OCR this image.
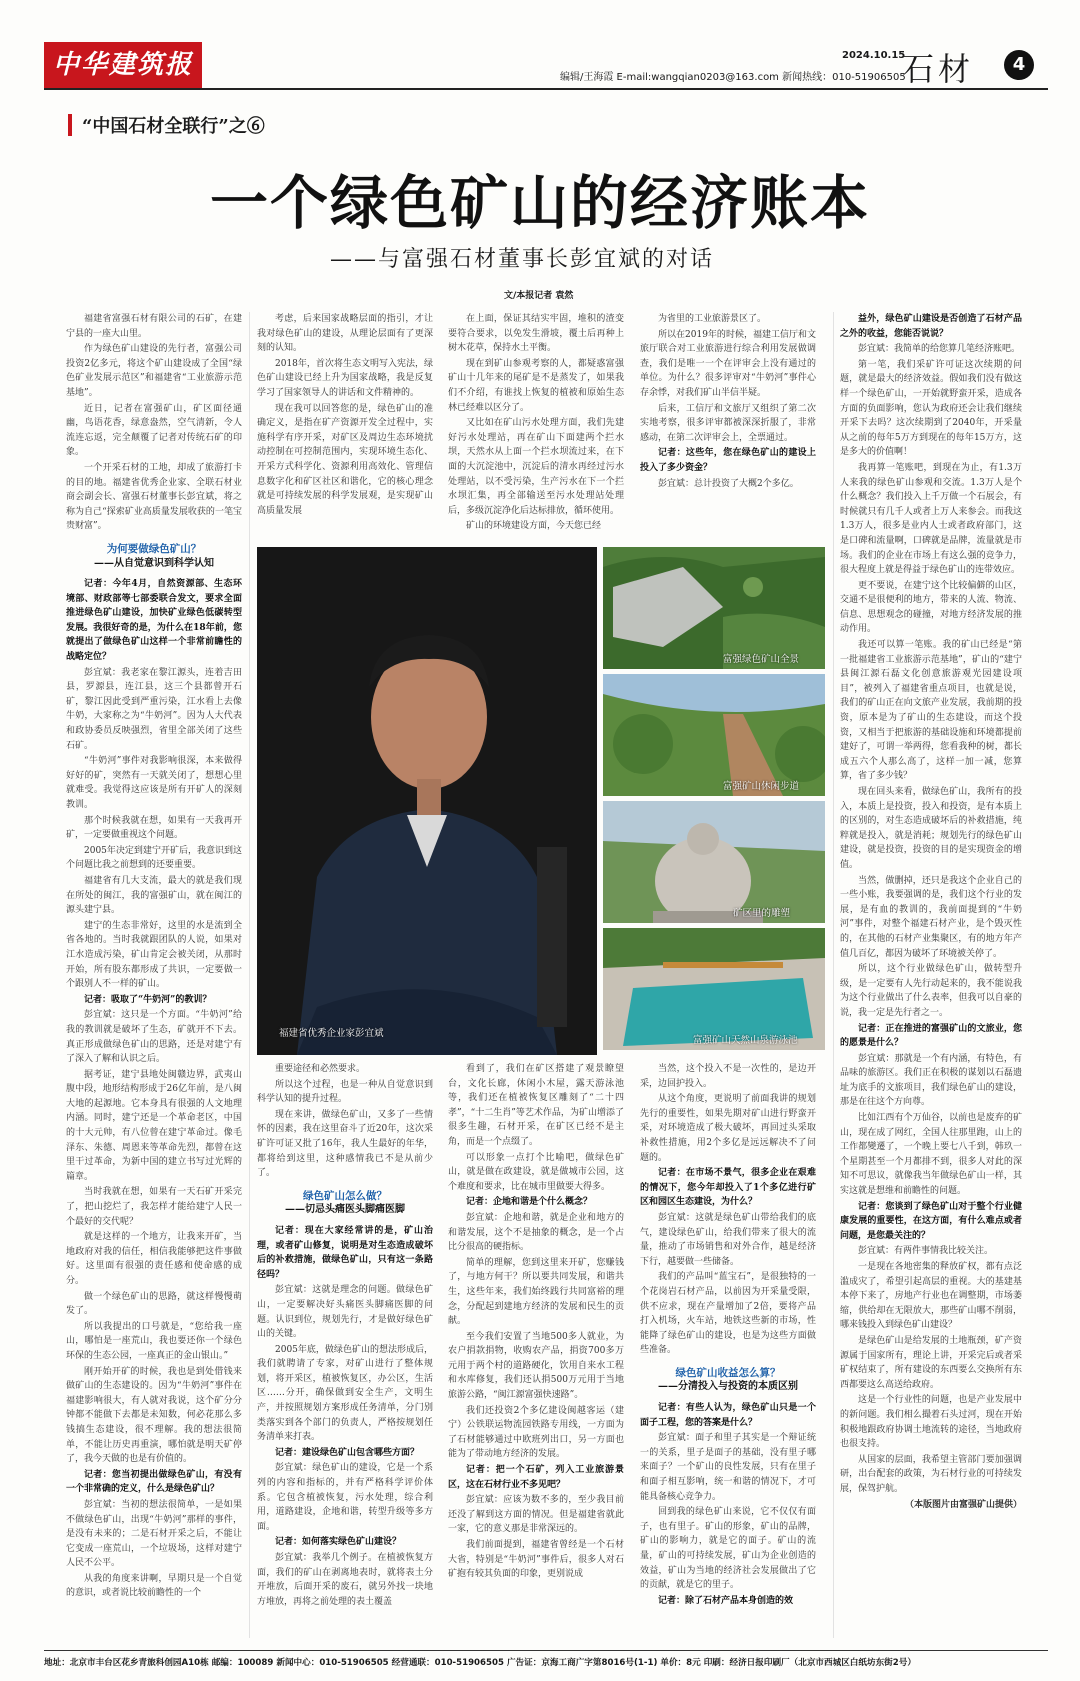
中华建筑报	2024.10.15
编辑/王海霞 E-mail:wangqian0203@163.com 新闻热线：010-51906505
石材	4
“中国石材全联行”之⑥
一个绿色矿山的经济账本
——与富强石材董事长彭宜斌的对话
文/本报记者 袁然

福建省富强石材有限公司的石矿，在建宁县的一座大山里。

作为绿色矿山建设的先行者，富强公司投资2亿多元，将这个矿山建设成了全国“绿色矿业发展示范区”和福建省“工业旅游示范基地”。

近日，记者在富强矿山，矿区面径通幽，鸟语花香，绿意盎然，空气清新，令人流连忘返，完全颠覆了记者对传统石矿的印象。

一个开采石材的工地，却成了旅游打卡的目的地。福建省优秀企业家、全联石材业商会副会长、富强石材董事长彭宜斌，将之称为自己“探索矿业高质量发展收获的一笔宝贵财富”。

为何要做绿色矿山？
——从自觉意识到科学认知

记者：今年4月，自然资源部、生态环境部、财政部等七部委联合发文，要求全面推进绿色矿山建设，加快矿业绿色低碳转型发展。我很好奇的是，为什么在18年前，您就提出了做绿色矿山这样一个非常前瞻性的战略定位？

彭宜斌：我老家在黎江源头，连着吉田县，罗源县，连江县，这三个县都曾开石矿，黎江因此受到严重污染，江水看上去像牛奶，大家称之为“牛奶河”。因为人大代表和政协委员反映强烈，省里全部关闭了这些石矿。

“牛奶河”事件对我影响很深，本来做得好好的矿，突然有一天就关闭了，想想心里就难受。我觉得这应该是所有开矿人的深刻教训。

那个时候我就在想，如果有一天我再开矿，一定要做重视这个问题。

2005年决定到建宁开矿后，我意识到这个问题比我之前想到的还要重要。

福建省有几大支流，最大的就是我们现在所处的闽江，我的富强矿山，就在闽江的源头建宁县。

建宁的生态非常好，这里的水是流到全省各地的。当时我就跟团队的人说，如果对江水造成污染，矿山肯定会被关闭，从那时开始，所有股东都形成了共识，一定要做一个跟别人不一样的矿山。

记者：吸取了“牛奶河”的教训？

彭宜斌：这只是一个方面。“牛奶河”给我的教训就是破坏了生态，矿就开不下去。真正形成做绿色矿山的思路，还是对建宁有了深入了解和认识之后。

据考证，建宁县地处闽赣边界，武夷山腹中段，地形结构形成于26亿年前，是八闽大地的起源地。它本身具有很强的人文地理内涵。同时，建宁还是一个革命老区，中国的十大元帅，有八位曾在建宁革命过。像毛泽东、朱德、周恩来等革命先烈，都曾在这里干过革命，为新中国的建立书写过光辉的篇章。

当时我就在想，如果有一天石矿开采完了，把山挖烂了，我怎样才能给建宁人民一个最好的交代呢？

就是这样的一个地方，让我来开矿，当地政府对我的信任，相信我能够把这件事做好。这里面有很强的责任感和使命感的成分。

做一个绿色矿山的思路，就这样慢慢萌发了。

所以我提出的口号就是，“您给我一座山，哪怕是一座荒山，我也要还你一个绿色环保的生态公园，一座真正的金山银山。”

刚开始开矿的时候，我也是到处借钱来做矿山的生态建设的。因为“牛奶河”事件在福建影响很大，有人就对我说，这个矿分分钟都不能做下去都是未知数，何必花那么多钱搞生态建设，很不理解。我的想法很简单，不能让历史再重演，哪怕就是明天矿停了，我今天做的也是有价值的。

记者：您当初提出做绿色矿山，有没有一个非常确的定义，什么是绿色矿山？

彭宜斌：当初的想法很简单，一是如果不做绿色矿山，出现“牛奶河”那样的事件，是没有未来的；二是石材开采之后，不能让它变成一座荒山，一个垃圾场，这样对建宁人民不公平。

从我的角度来讲啊，早期只是一个自觉的意识，或者说比较前瞻性的一个

考虑，后来国家战略层面的指引，才让我对绿色矿山的建设，从理论层面有了更深刻的认知。

2018年，首次将生态文明写入宪法，绿色矿山建设已经上升为国家战略，我是反复学习了国家领导人的讲话和文件精神的。

现在我可以回答您的是，绿色矿山的准确定义，是指在矿产资源开发全过程中，实施科学有序开采，对矿区及周边生态环境扰动控制在可控制范围内，实现环境生态化、开采方式科学化、资源利用高效化、管理信息数字化和矿区社区和谐化，它的核心理念就是可持续发展的科学发展观，是实现矿山高质量发展

在上面，保证其结实牢固，堆积的渣变要符合要求，以免发生滑坡，覆土后再种上树木花草，保持水土平衡。

现在到矿山参观考察的人，都疑惑富强矿山十几年来的尾矿是不是蒸发了，如果我们不介绍，有谁找上恢复的植被和原始生态林已经难以区分了。

又比如在矿山污水处理方面，我们先建好污水处理站，再在矿山下面建两个拦水坝，天然水从上面一个拦水坝流过来，在下面的大沉淀池中，沉淀后的清水再经过污水处理站，以不受污染，生产污水在下一个拦水坝汇集，再全部输送至污水处理站处理后，多级沉淀净化后达标排放，循环使用。

矿山的环境建设方面，今天您已经

为省里的工业旅游景区了。

所以在2019年的时候，福建工信厅和文旅厅联合对工业旅游进行综合利用发展做调查，我们是唯一一个在评审会上没有通过的单位。为什么？很多评审对“牛奶河”事件心存余悸，对我们矿山半信半疑。

后来，工信厅和文旅厅又组织了第二次实地考察，很多评审都被深深折服了，非常感动，在第二次评审会上，全票通过。

记者：这些年，您在绿色矿山的建设上投入了多少资金？

彭宜斌：总计投资了大概2个多亿。

益外，绿色矿山建设是否创造了石材产品之外的收益，您能否说说？

彭宜斌：我简单的给您算几笔经济账吧。

第一笔，我们采矿许可证这次续期的问题，就是最大的经济效益。假如我们没有做这样一个绿色矿山，一开始就野蛮开采，造成各方面的负面影响，您认为政府还会让我们继续开采下去吗？这次续期到了2040年，开采量从之前的每年5万方到现在的每年15万方，这是多大的价值啊！

我再算一笔账吧，到现在为止，有1.3万人来我的绿色矿山参观和交流。1.3万人是个什么概念？我们投入上千万做一个石展会，有时候就只有几千人或者上万人来参会。而我这1.3万人，很多是业内人士或者政府部门，这是口碑和流量啊，口碑就是品牌，流量就是市场。我们的企业在市场上有这么强的竞争力，很大程度上就是得益于绿色矿山的连带效应。

更不要说，在建宁这个比较偏僻的山区，交通不是很便利的地方，带来的人流、物流、信息、思想观念的碰撞，对地方经济发展的推动作用。

我还可以算一笔账。我的矿山已经是“第一批福建省工业旅游示范基地”，矿山的“建宁县闽江源石磊文化创意旅游观光园建设项目”，被列入了福建省重点项目，也就是说，我们的矿山正在向文旅产业发展，我前期的投资，原本是为了矿山的生态建设，而这个投资，又相当于把旅游的基础设施和环境都提前建好了，可谓一举两得，您看我种的树，都长成五六个人那么高了，这样一加一减，您算算，省了多少钱？

现在回头来看，做绿色矿山，我所有的投入，本质上是投资，投入和投资，是有本质上的区别的，对生态造成破坏后的补救措施，纯粹就是投入，就是消耗；规划先行的绿色矿山建设，就是投资，投资的目的是实现资金的增值。

当然，做删掉，还只是我这个企业自己的一些小账，我要强调的是，我们这个行业的发展，是有血的教训的，我前面提到的“牛奶河”事件，对整个福建石材产业，是个毁灭性的，在其他的石材产业集聚区，有的地方年产值几百亿，都因为破坏了环境被关停了。

所以，这个行业做绿色矿山，做转型升级，是一定要有人先行动起来的，我不能说我为这个行业做出了什么表率，但我可以自豪的说，我一定是先行者之一。

记者：正在推进的富强矿山的文旅业，您的愿景是什么？

彭宜斌：那就是一个有内涵，有特色，有品味的旅游区。我们正在积极的谋划以石磊遗址为底手的文旅项目，我们绿色矿山的建设，那是在往这个方向尊。

比如江西有个万仙谷，以前也是废弃的矿山，现在成了网红，全国人往那里跑，山上的工作都變遷了，一个晚上要七八千到，韩玖一个星期甚至一个月都排不到，很多人对此的深知不可思议，就像我当年做绿色矿山一样，其实这就是想维和前瞻性的问题。

记者：您谈到了绿色矿山对于整个行业健康发展的重要性，在这方面，有什么难点或者问题，是您最关注的？

彭宜斌：有两件事情我比较关注。

一是现在各地密集的释放矿权，都有点泛滥成灾了，希望引起高层的重视。大的基建基本停下来了，房地产行业也在调整期，市场萎缩，供给却在无限放大，那些矿山哪不削弱，哪来钱投入到绿色矿山建设？

是绿色矿山是给发展的土地瓶颈，矿产资源属于国家所有，理论上讲，开采完后或者采矿权结束了，所有建设的东西要么交换所有东西都要这么高送给政府。

这是一个行业性的问题，也是产业发展中的新问题。我们相么撮着石头过河，现在开始积极地跟政府协调土地流转的途径，当地政府也很支持。

从国家的层面，我希望主管部门要加强调研，出台配套的政策，为石材行业的可持续发展，保驾护航。

（本版图片由富强矿山提供）

福建省优秀企业家彭宜斌
富强绿色矿山全景
富强矿山休闲步道
矿区里的雕塑
富强矿山天然山泉游泳池

重要途径和必然要求。

所以这个过程，也是一种从自觉意识到科学认知的提升过程。

现在来讲，做绿色矿山，又多了一些情怀的因素，我在这里奋斗了近20年，这次采矿许可证又批了16年，我人生最好的年华，都将给到这里，这种感情我已不是从前少了。

绿色矿山怎么做？
——切忌头痛医头脚痛医脚

记者：现在大家经常讲的是，矿山治理，或者矿山修复，说明是对生态造成破坏后的补救措施，做绿色矿山，只有这一条路径吗？

彭宜斌：这就是理念的问题。做绿色矿山，一定要解决好头痛医头脚痛医脚的问题。认识到位，规划先行，才是做好绿色矿山的关键。

2005年底，做绿色矿山的想法形成后，我们就聘请了专家，对矿山进行了整体规划，将开采区，植被恢复区，办公区，生活区……分开，确保做到安全生产，文明生产，并按照规划方案形成任务清单，分门别类落实到各个部门的负责人，严格按规划任务清单来打表。

记者：建设绿色矿山包含哪些方面？

彭宜斌：绿色矿山的建设，它是一个系列的内容和指标的，并有严格科学评价体系。它包含植被恢复，污水处理，综合利用，道路建设，企地和谐，转型升级等多方面。

记者：如何落实绿色矿山建设？

彭宜斌：我举几个例子。在植被恢复方面，我们的矿山在剥离地表时，就将表土分开堆放，后面开采的废石，就另外找一块地方堆放，再将之前处理的表土覆盖

看到了，我们在矿区搭建了观景瞭望台，文化长廊，休闲小木屋，露天游泳池等，我们还在植被恢复区雕刻了“二十四孝”，“十二生肖”等艺术作品，为矿山增添了很多生趣，石材开采，在矿区已经不是主角，而是一个点缀了。

可以形象一点打个比喻吧，做绿色矿山，就是做在政建设，就是做城市公园，这个难度和要求，比在城市里做要大得多。

记者：企地和谐是个什么概念？

彭宜斌：企地和谐，就是企业和地方的和谐发展，这个不是抽象的概念，是一个占比分很高的硬指标。

简单的理解，您到这里来开矿，您赚钱了，与地方何干？所以要共同发展，和谐共生，这些年来，我们始终践行共同富裕的理念，分配起到建地方经济的发展和民生的贡献。

至今我们安置了当地500多人就业，为农户捐款捐物，收购农产品，捐资700多万元用于两个村的道路硬化，饮用自来水工程和水库修复，我们还认捐500万元用于当地旅游公路，“闽江源富强快速路”。

我们还投资2个多亿建设闽越客运（建宁）公铁联运物流园铁路专用线，一方面为了石材能够通过中欧班列出口，另一方面也能为了带动地方经济的发展。

记者：把一个石矿，列入工业旅游景区，这在石材行业不多见吧？

彭宜斌：应该为数不多的，至少我目前还没了解到这方面的情况。但是福建省就此一家，它的意义那是非常深远的。

我们前面提到，福建省曾经是一个石材大省，特别是“牛奶河”事件后，很多人对石矿抱有较其负面的印象，更别说成

当然，这个投入不是一次性的，是边开采，边回护投入。

从这个角度，更说明了前面我讲的规划先行的重要性，如果先期对矿山进行野蛮开采，对环境造成了极大破坏，再回过头采取补救性措施，用2个多亿是远远解决不了问题的。

记者：在市场不景气，很多企业在艰难的情况下，您今年却投入了1个多亿进行矿区和园区生态建设，为什么？

彭宜斌：这就是绿色矿山带给我们的底气，建设绿色矿山，给我们带来了很大的流量，推动了市场销售和对外合作，越是经济下行，越要做一些储备。

我们的产品叫“蓝宝石”，是很独特的一个花岗岩石材产品，以前因为开采量受限，供不应求，现在产量增加了2倍，要将产品打入机场，火车站，地铁这些新的市场，性能降了绿色矿山的建设，也是为这些方面做些准备。

绿色矿山收益怎么算？
——分清投入与投资的本质区别

记者：有些人认为，绿色矿山只是一个面子工程，您的答案是什么？

彭宜斌：面子和里子其实是一个辩证统一的关系，里子是面子的基础，没有里子哪来面子？一个矿山的良性发展，只有在里子和面子相互影响，统一和谐的情况下，才可能具备核心竞争力。

回到我的绿色矿山来说，它不仅仅有面子，也有里子。矿山的形象，矿山的品牌，矿山的影响力，就是它的面子。矿山的流量，矿山的可持续发展，矿山为企业创造的效益，矿山为当地的经济社会发展做出了它的贡献，就是它的里子。

记者：除了石材产品本身创造的效

地址：北京市丰台区花乡青旅科创园A10栋 邮编：100089 新闻中心：010-51906505 经营通联：010-51906505 广告证：京海工商广字第8016号(1-1) 单价：8元 印刷：经济日报印刷厂（北京市西城区白纸坊东街2号）
